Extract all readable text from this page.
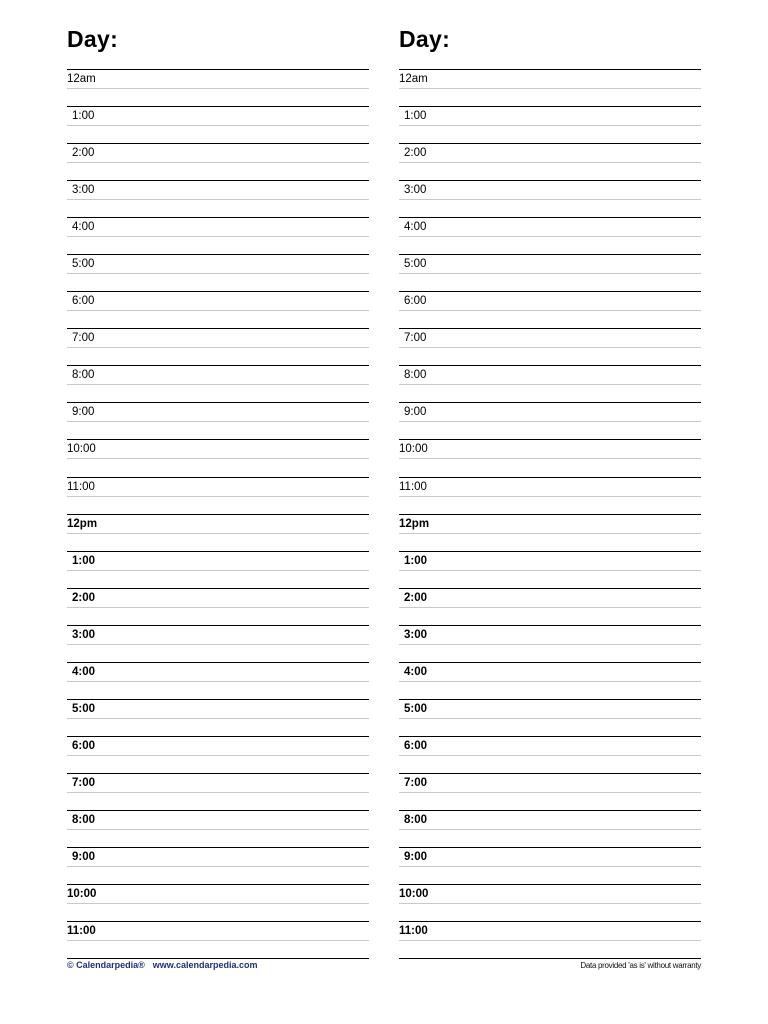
Day:
12am
1:00
2:00
3:00
4:00
5:00
6:00
7:00
8:00
9:00
10:00
11:00
12pm
1:00
2:00
3:00
4:00
5:00
6:00
7:00
8:00
9:00
10:00
11:00
© Calendarpedia® www.calendarpedia.com
Day:
12am
1:00
2:00
3:00
4:00
5:00
6:00
7:00
8:00
9:00
10:00
11:00
12pm
1:00
2:00
3:00
4:00
5:00
6:00
7:00
8:00
9:00
10:00
11:00
Data provided 'as is' without warranty
